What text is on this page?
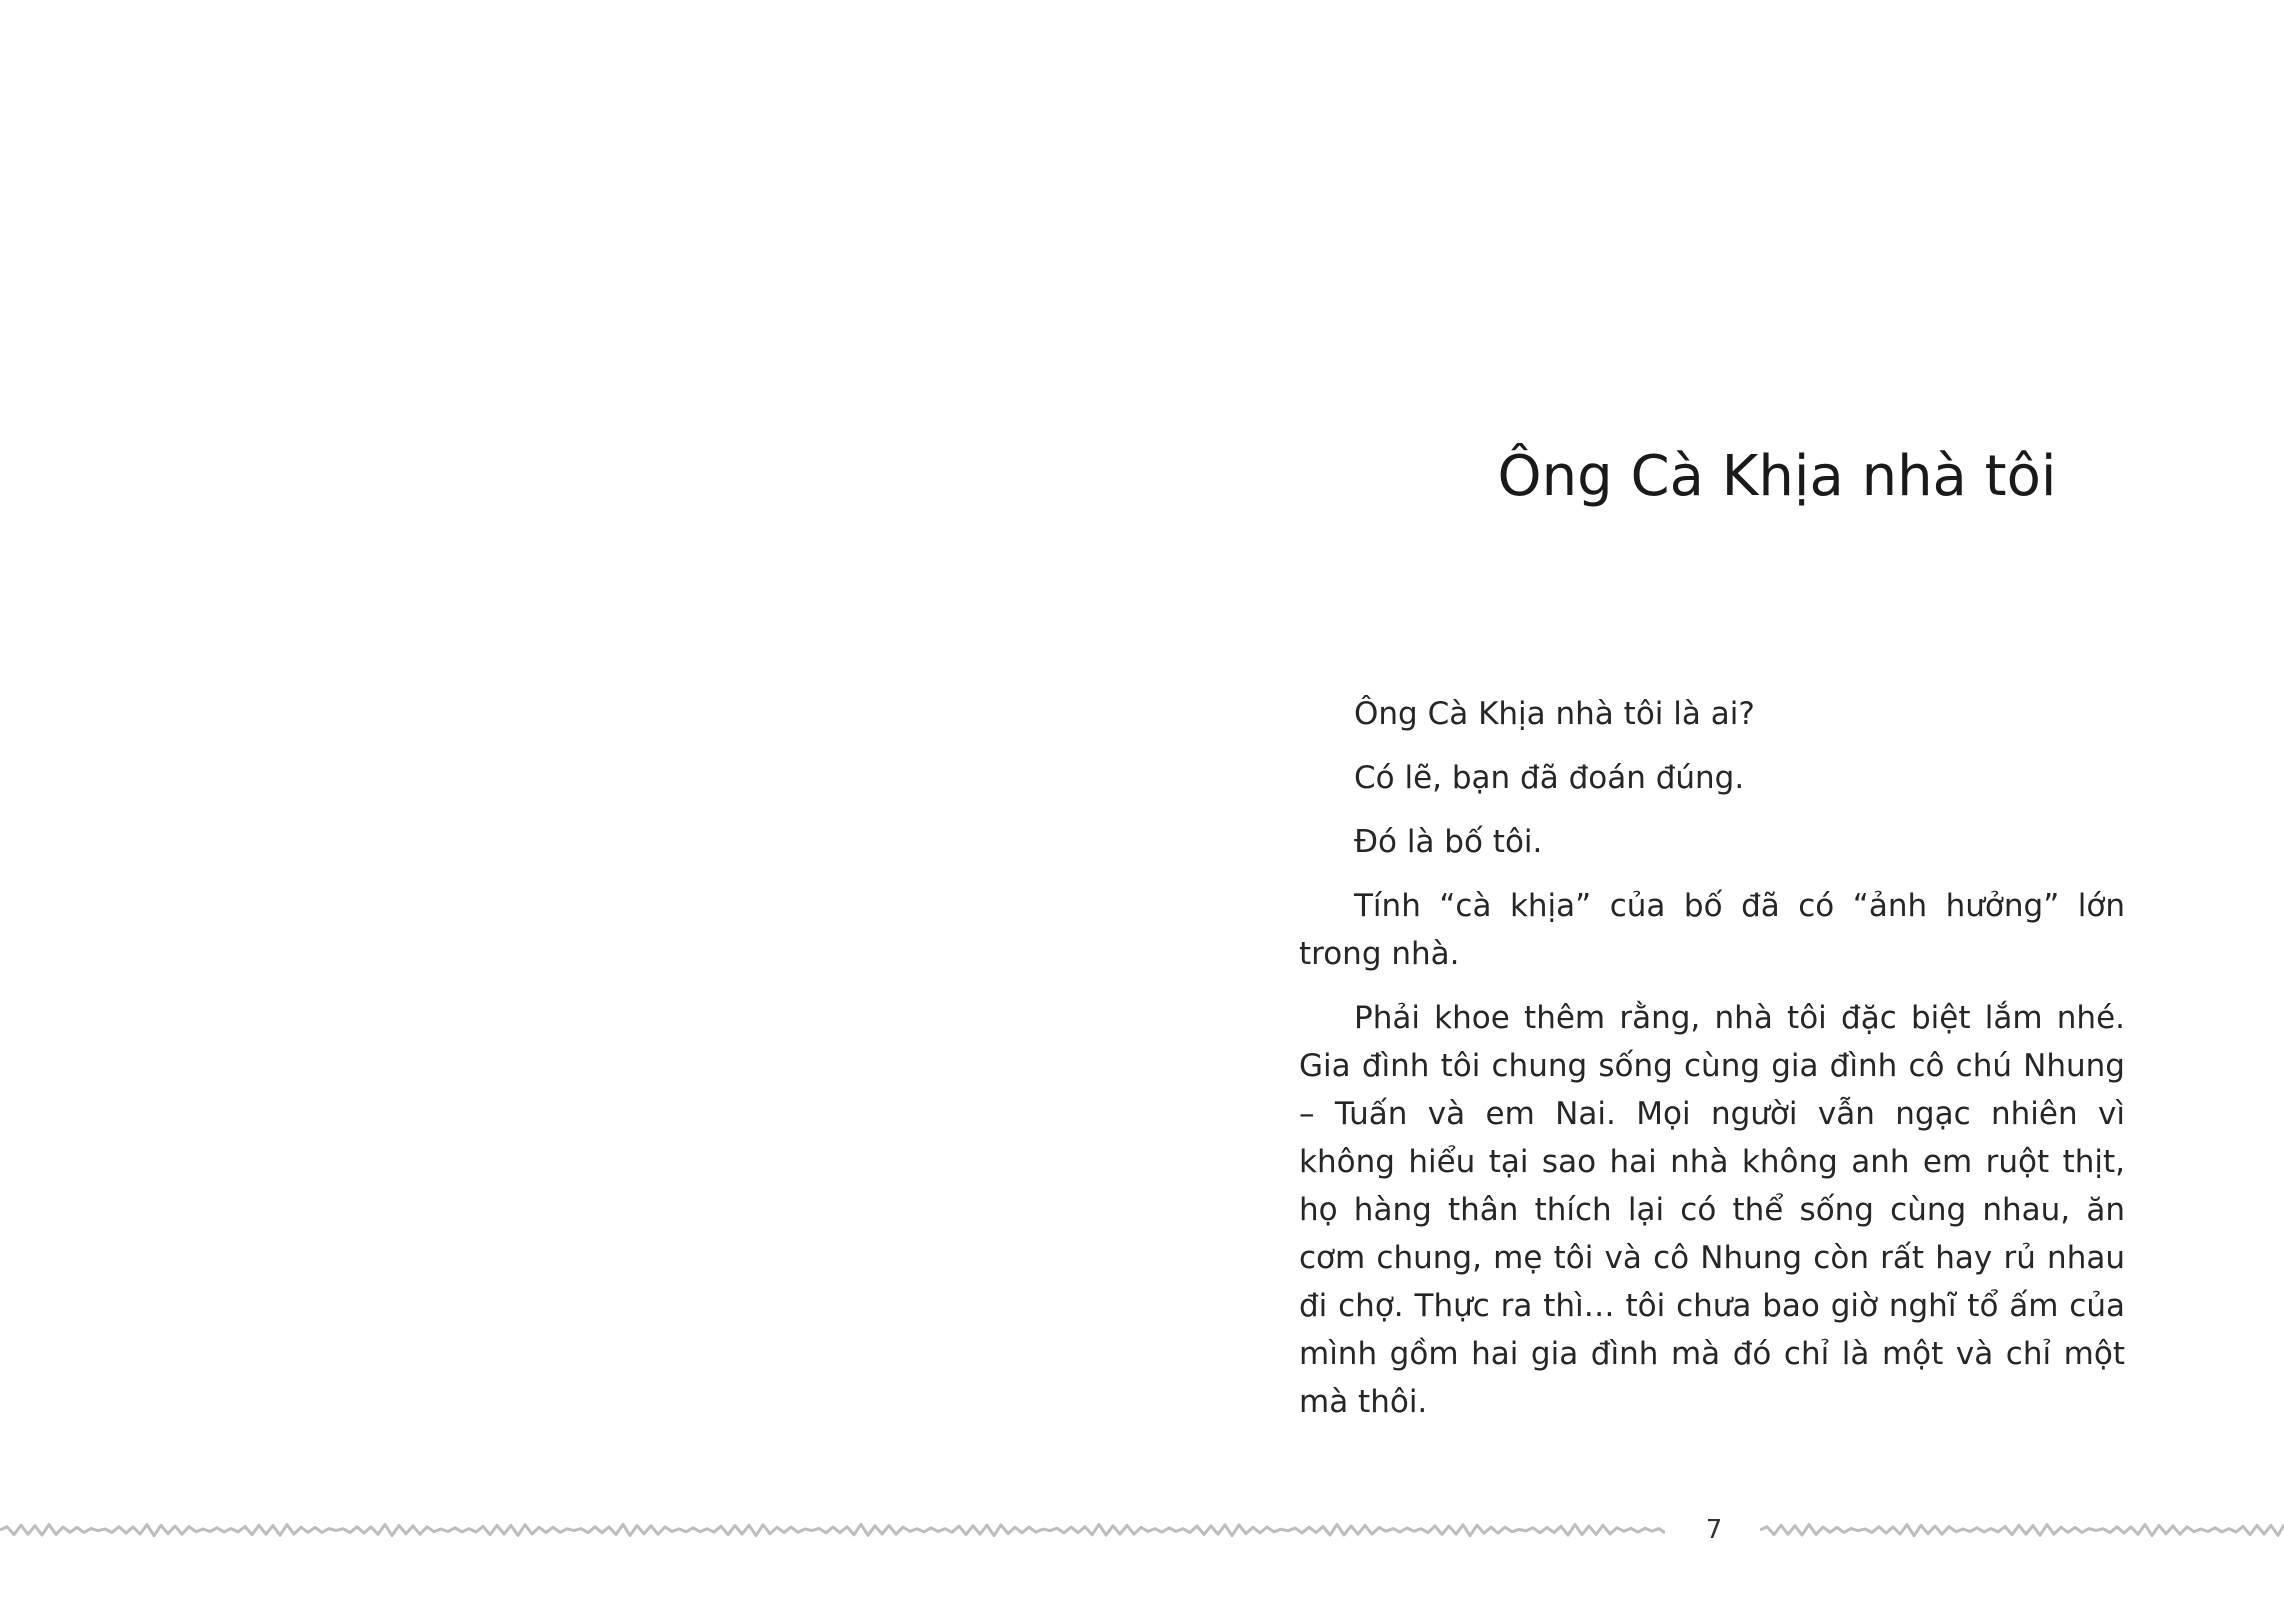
Ông Cà Khịa nhà tôi

Ông Cà Khịa nhà tôi là ai?

Có lẽ, bạn đã đoán đúng.

Đó là bố tôi.

Tính “cà khịa” của bố đã có “ảnh hưởng” lớn trong nhà.

Phải khoe thêm rằng, nhà tôi đặc biệt lắm nhé. Gia đình tôi chung sống cùng gia đình cô chú Nhung – Tuấn và em Nai. Mọi người vẫn ngạc nhiên vì không hiểu tại sao hai nhà không anh em ruột thịt, họ hàng thân thích lại có thể sống cùng nhau, ăn cơm chung, mẹ tôi và cô Nhung còn rất hay rủ nhau đi chợ. Thực ra thì… tôi chưa bao giờ nghĩ tổ ấm của mình gồm hai gia đình mà đó chỉ là một và chỉ một mà thôi.

7
